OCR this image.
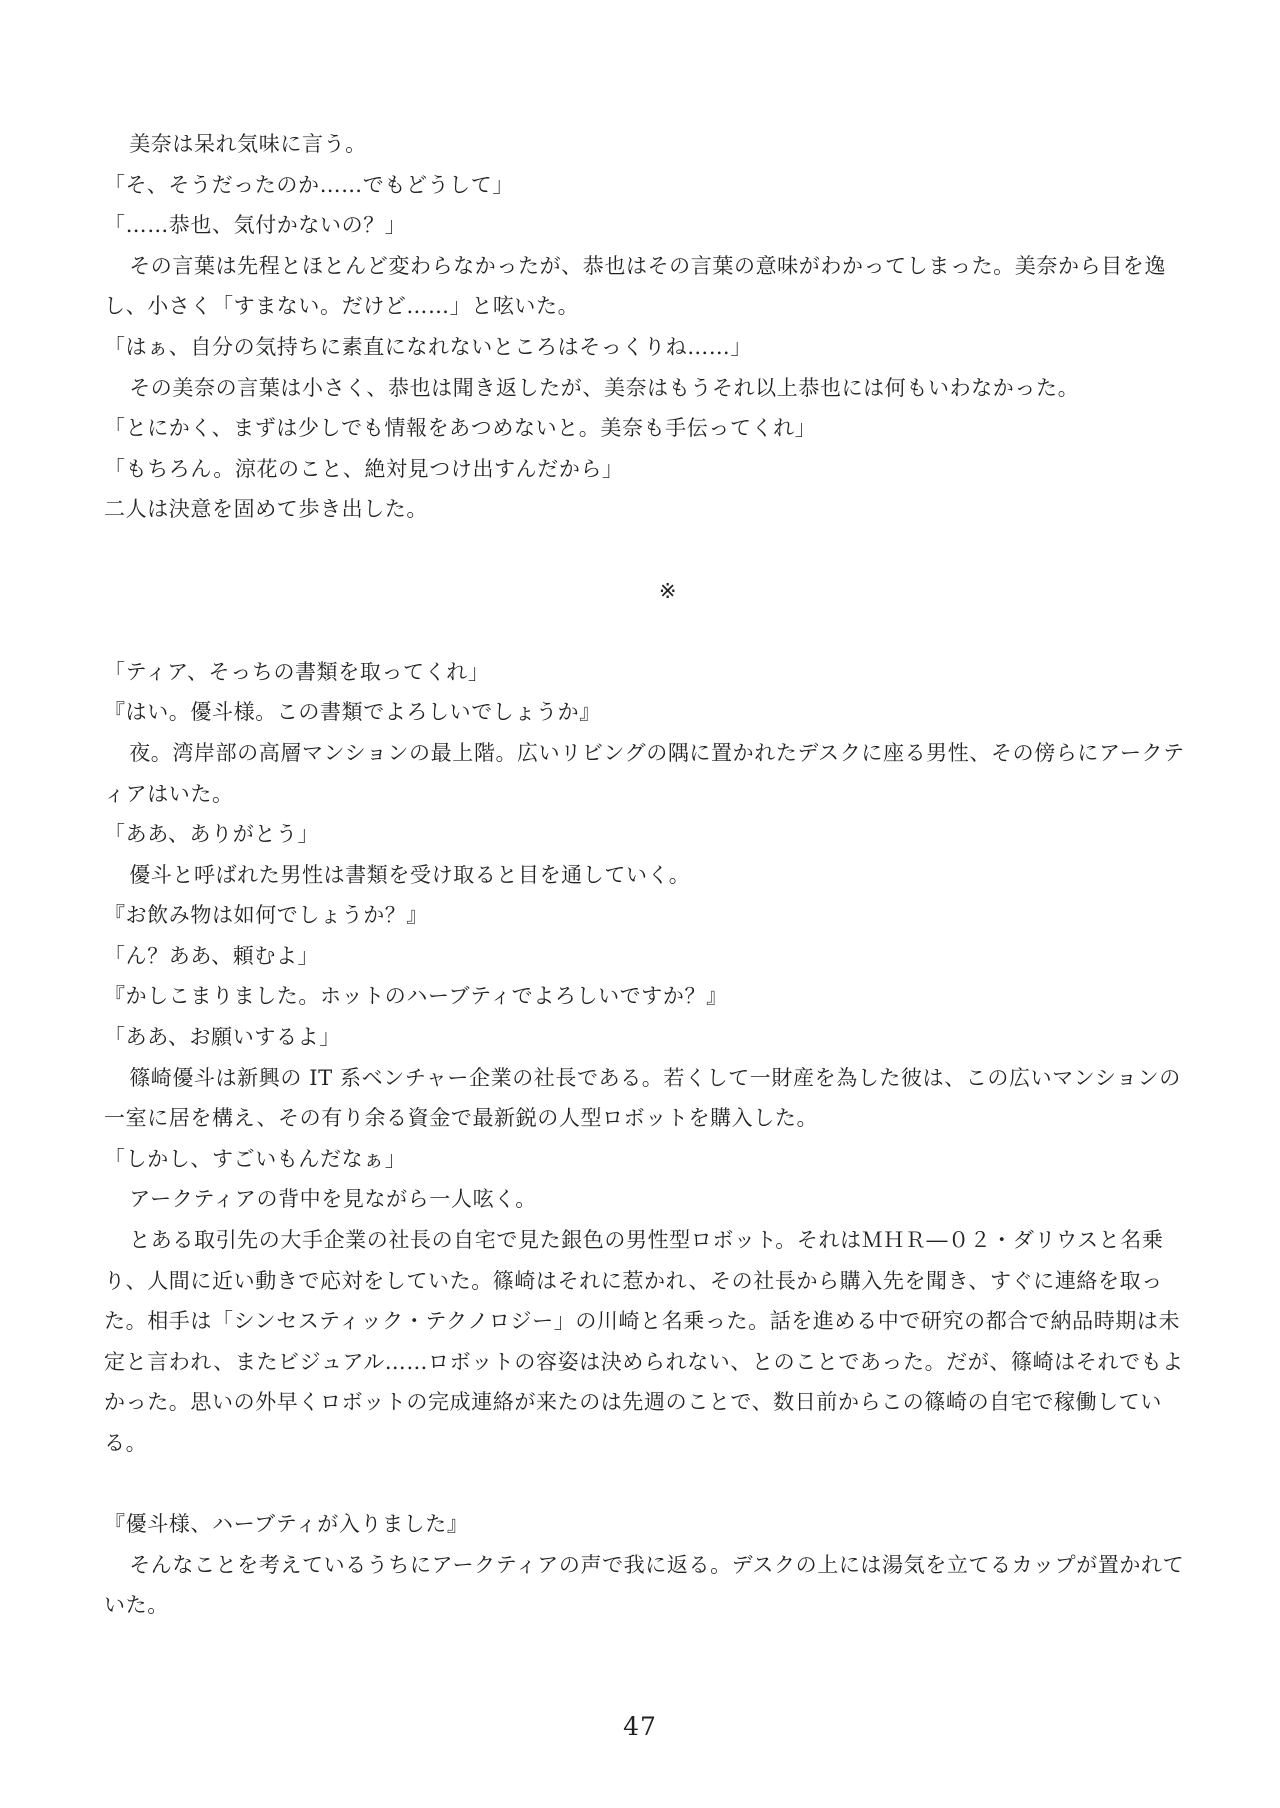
美奈は呆れ気味に言う。

「そ、そうだったのか……でもどうして」

「……恭也、気付かないの？」

その言葉は先程とほとんど変わらなかったが、恭也はその言葉の意味がわかってしまった。美奈から目を逸し、小さく「すまない。だけど……」と呟いた。

「はぁ、自分の気持ちに素直になれないところはそっくりね……」

その美奈の言葉は小さく、恭也は聞き返したが、美奈はもうそれ以上恭也には何もいわなかった。

「とにかく、まずは少しでも情報をあつめないと。美奈も手伝ってくれ」

「もちろん。涼花のこと、絶対見つけ出すんだから」

二人は決意を固めて歩き出した。

※

「ティア、そっちの書類を取ってくれ」

『はい。優斗様。この書類でよろしいでしょうか』

夜。湾岸部の高層マンションの最上階。広いリビングの隅に置かれたデスクに座る男性、その傍らにアークティアはいた。

「ああ、ありがとう」

優斗と呼ばれた男性は書類を受け取ると目を通していく。

『お飲み物は如何でしょうか？』

「ん？ああ、頼むよ」

『かしこまりました。ホットのハーブティでよろしいですか？』

「ああ、お願いするよ」

篠崎優斗は新興の IT 系ベンチャー企業の社長である。若くして一財産を為した彼は、この広いマンションの一室に居を構え、その有り余る資金で最新鋭の人型ロボットを購入した。

「しかし、すごいもんだなぁ」

アークティアの背中を見ながら一人呟く。

とある取引先の大手企業の社長の自宅で見た銀色の男性型ロボット。それはＭＨＲ―０２・ダリウスと名乗り、人間に近い動きで応対をしていた。篠崎はそれに惹かれ、その社長から購入先を聞き、すぐに連絡を取った。相手は「シンセスティック・テクノロジー」の川崎と名乗った。話を進める中で研究の都合で納品時期は未定と言われ、またビジュアル……ロボットの容姿は決められない、とのことであった。だが、篠崎はそれでもよかった。思いの外早くロボットの完成連絡が来たのは先週のことで、数日前からこの篠崎の自宅で稼働している。

『優斗様、ハーブティが入りました』

そんなことを考えているうちにアークティアの声で我に返る。デスクの上には湯気を立てるカップが置かれていた。

47
